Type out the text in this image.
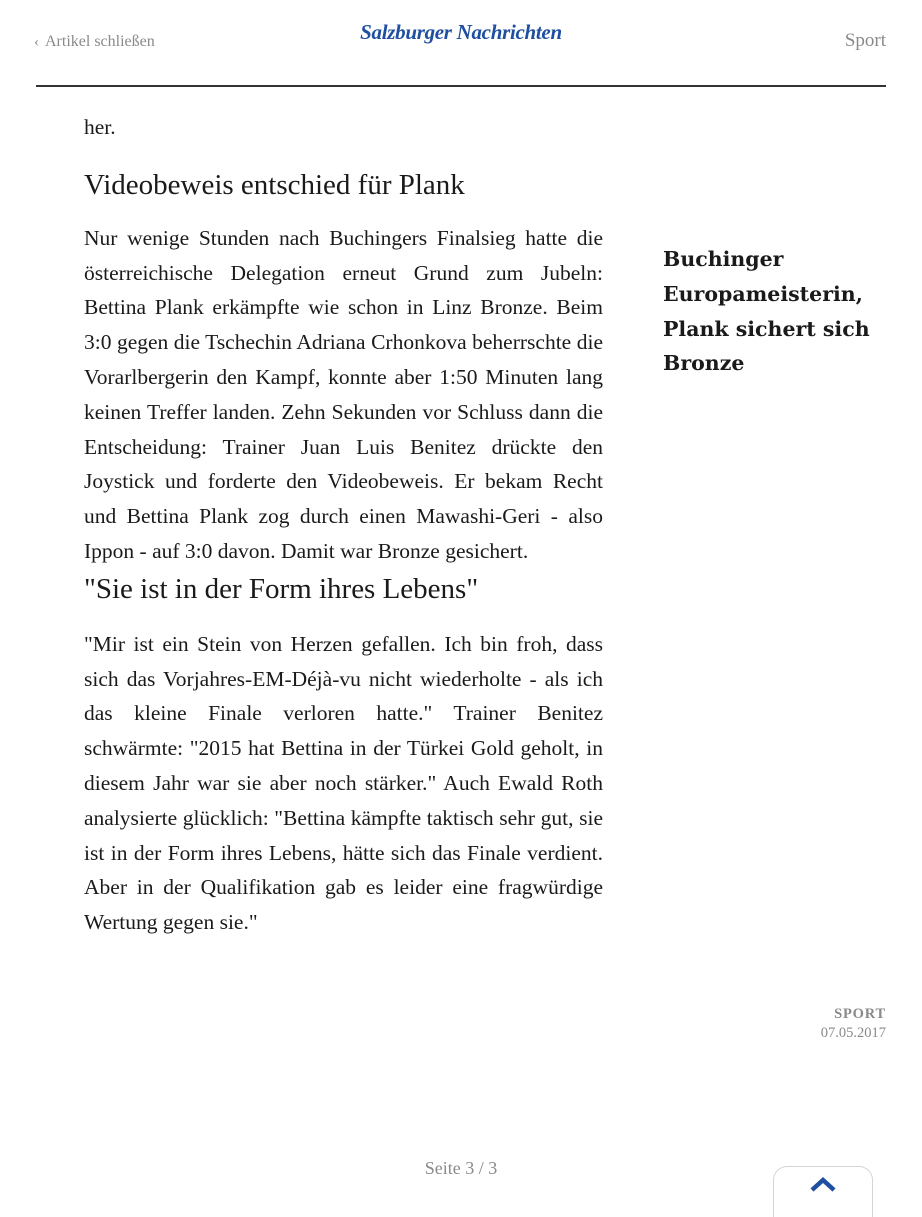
‹ Artikel schließen	Salzburger Nachrichten	Sport

her.

Videobeweis entschied für Plank

Nur wenige Stunden nach Buchingers Finalsieg hatte die österreichische Delegation erneut Grund zum Jubeln: Bettina Plank erkämpfte wie schon in Linz Bronze. Beim 3:0 gegen die Tschechin Adriana Crhonkova beherrschte die Vorarlbergerin den Kampf, konnte aber 1:50 Minuten lang keinen Treffer landen. Zehn Sekunden vor Schluss dann die Entscheidung: Trainer Juan Luis Benitez drückte den Joystick und forderte den Videobeweis. Er bekam Recht und Bettina Plank zog durch einen Mawashi-Geri - also Ippon - auf 3:0 davon. Damit war Bronze gesichert.

"Sie ist in der Form ihres Lebens"

"Mir ist ein Stein von Herzen gefallen. Ich bin froh, dass sich das Vorjahres-EM-Déjà-vu nicht wiederholte - als ich das kleine Finale verloren hatte." Trainer Benitez schwärmte: "2015 hat Bettina in der Türkei Gold geholt, in diesem Jahr war sie aber noch stärker." Auch Ewald Roth analysierte glücklich: "Bettina kämpfte taktisch sehr gut, sie ist in der Form ihres Lebens, hätte sich das Finale verdient. Aber in der Qualifikation gab es leider eine fragwürdige Wertung gegen sie."

Buchinger Europameisterin, Plank sichert sich Bronze
SPORT
07.05.2017
Seite 3 / 3
